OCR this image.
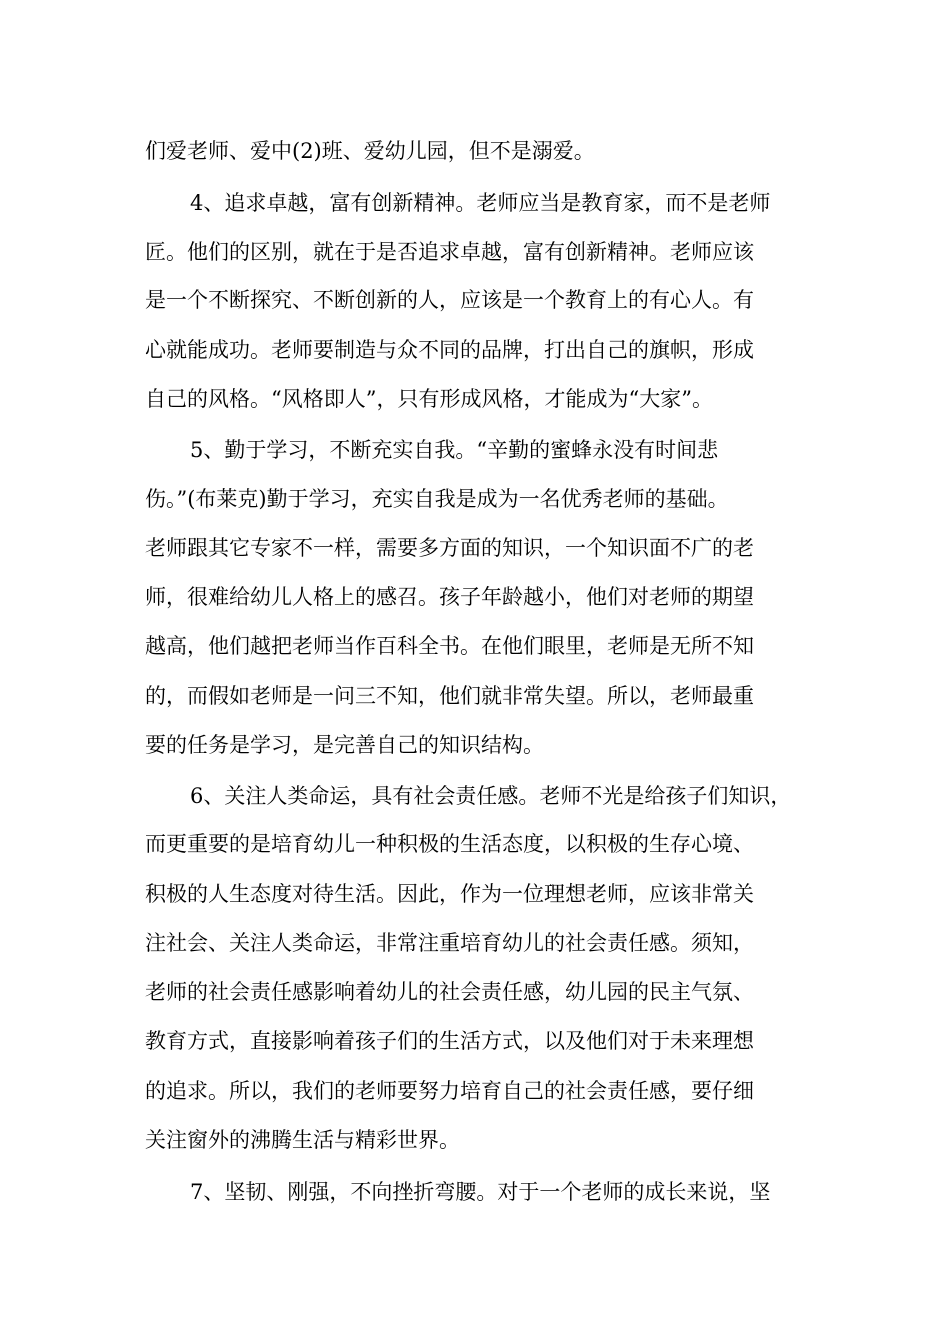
们爱老师、爱中(2)班、爱幼儿园，但不是溺爱。

4、追求卓越，富有创新精神。老师应当是教育家，而不是老师

匠。他们的区别，就在于是否追求卓越，富有创新精神。老师应该

是一个不断探究、不断创新的人，应该是一个教育上的有心人。有

心就能成功。老师要制造与众不同的品牌，打出自己的旗帜，形成

自己的风格。“风格即人”，只有形成风格，才能成为“大家”。

5、勤于学习，不断充实自我。“辛勤的蜜蜂永没有时间悲

伤。”(布莱克)勤于学习，充实自我是成为一名优秀老师的基础。

老师跟其它专家不一样，需要多方面的知识，一个知识面不广的老

师，很难给幼儿人格上的感召。孩子年龄越小，他们对老师的期望

越高，他们越把老师当作百科全书。在他们眼里，老师是无所不知

的，而假如老师是一问三不知，他们就非常失望。所以，老师最重

要的任务是学习，是完善自己的知识结构。

6、关注人类命运，具有社会责任感。老师不光是给孩子们知识，

而更重要的是培育幼儿一种积极的生活态度，以积极的生存心境、

积极的人生态度对待生活。因此，作为一位理想老师，应该非常关

注社会、关注人类命运，非常注重培育幼儿的社会责任感。须知，

老师的社会责任感影响着幼儿的社会责任感，幼儿园的民主气氛、

教育方式，直接影响着孩子们的生活方式，以及他们对于未来理想

的追求。所以，我们的老师要努力培育自己的社会责任感，要仔细

关注窗外的沸腾生活与精彩世界。

7、坚韧、刚强，不向挫折弯腰。对于一个老师的成长来说，坚
